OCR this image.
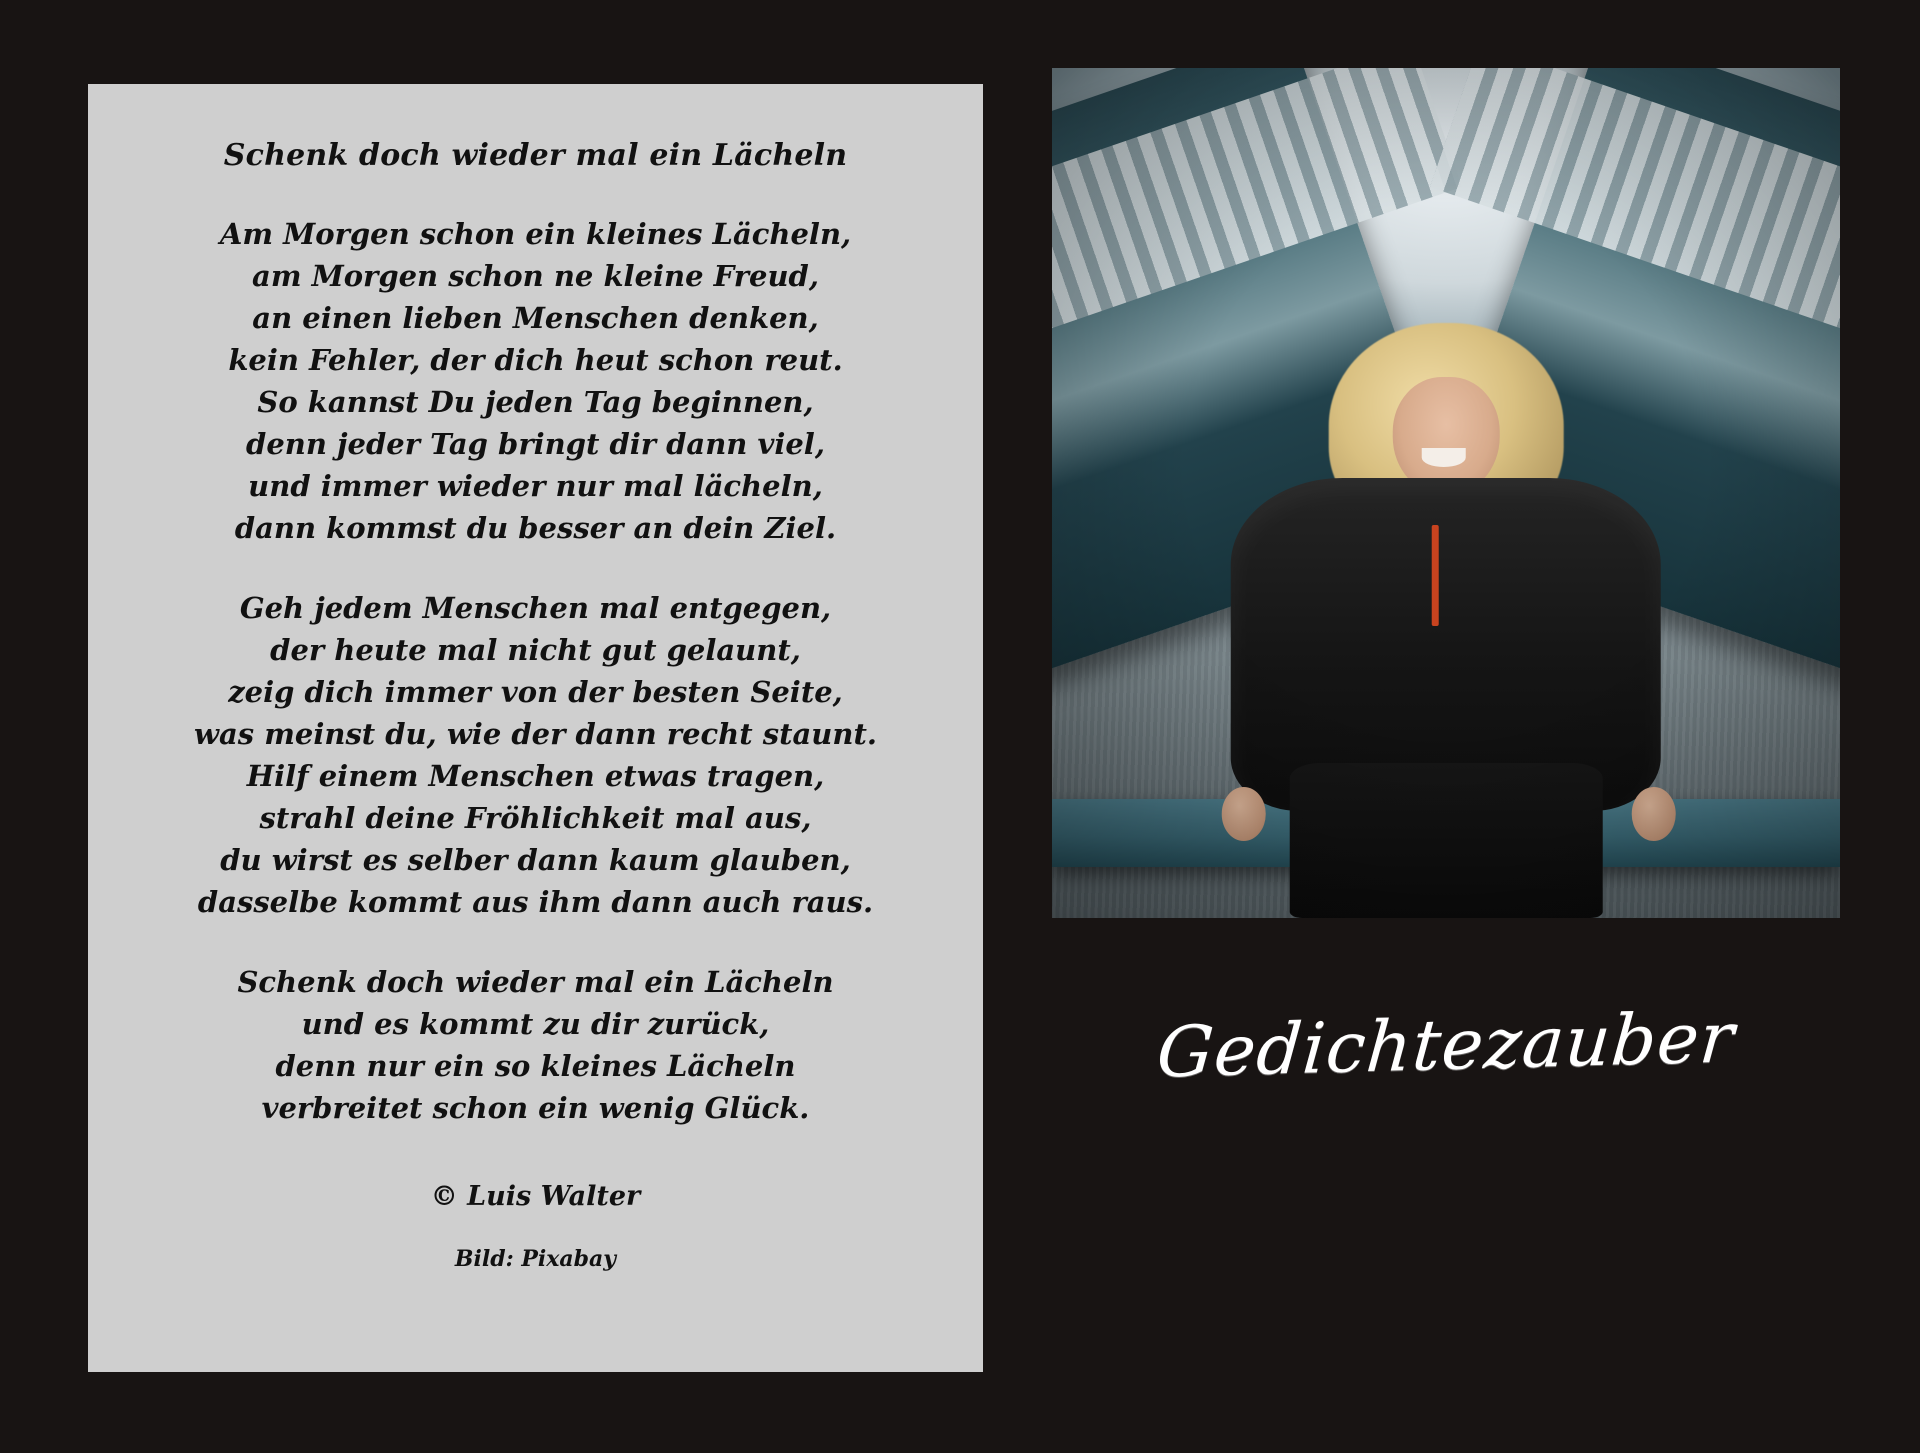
Schenk doch wieder mal ein Lächeln
Am Morgen schon ein kleines Lächeln,
am Morgen schon ne kleine Freud,
an einen lieben Menschen denken,
kein Fehler, der dich heut schon reut.
So kannst Du jeden Tag beginnen,
denn jeder Tag bringt dir dann viel,
und immer wieder nur mal lächeln,
dann kommst du besser an dein Ziel.
Geh jedem Menschen mal entgegen,
der heute mal nicht gut gelaunt,
zeig dich immer von der besten Seite,
was meinst du, wie der dann recht staunt.
Hilf einem Menschen etwas tragen,
strahl deine Fröhlichkeit mal aus,
du wirst es selber dann kaum glauben,
dasselbe kommt aus ihm dann auch raus.
Schenk doch wieder mal ein Lächeln
und es kommt zu dir zurück,
denn nur ein so kleines Lächeln
verbreitet schon ein wenig Glück.
© Luis Walter
Bild: Pixabay
Gedichtezauber
